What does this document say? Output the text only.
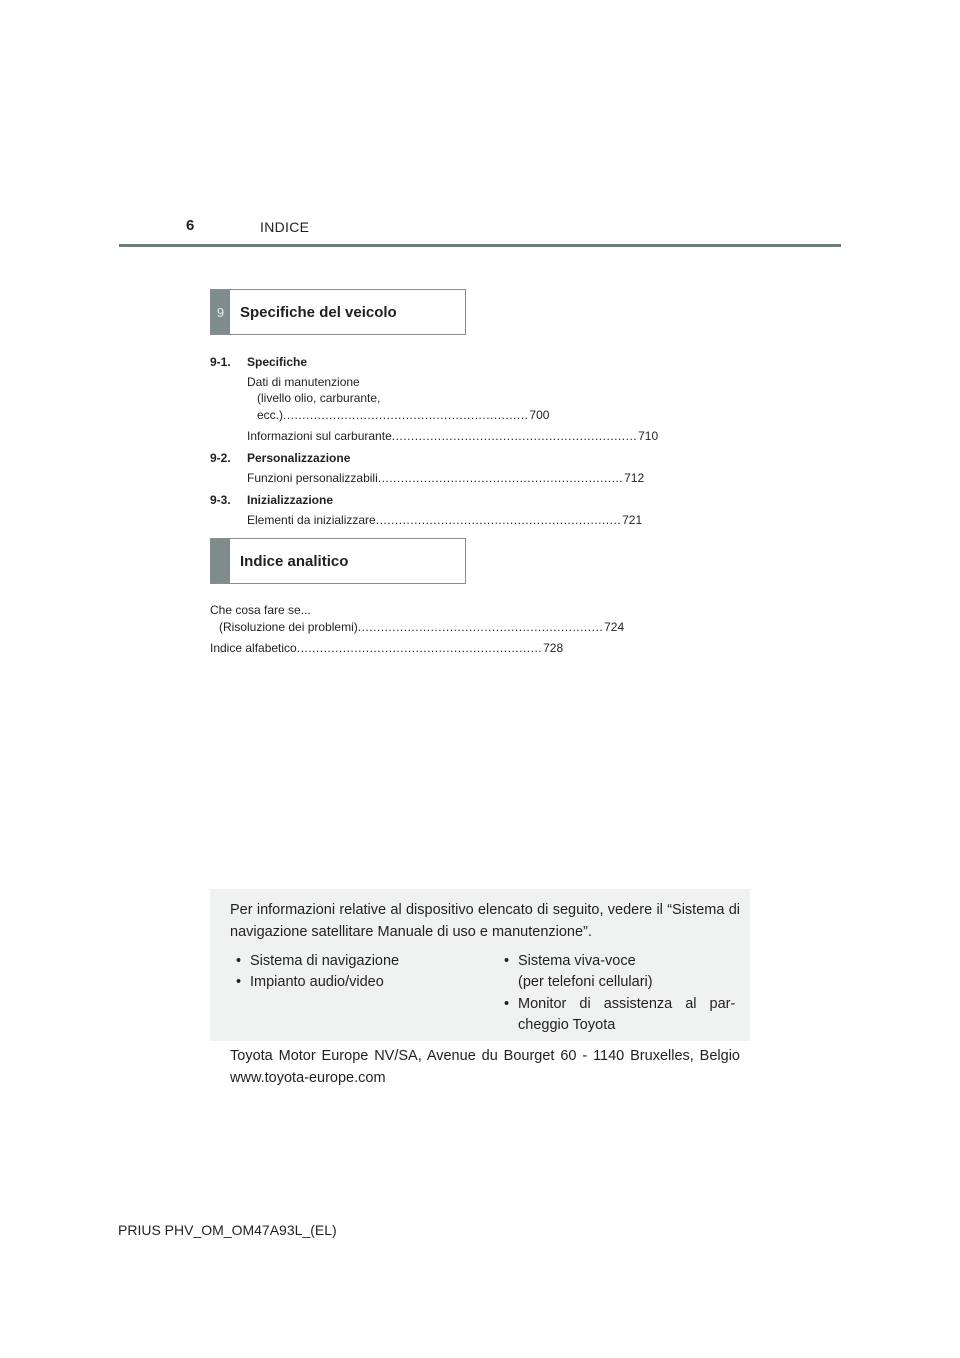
6	INDICE
9	Specifiche del veicolo
9-1. Specifiche
Dati di manutenzione
(livello olio, carburante,
ecc.) ................................................................ 700
Informazioni sul carburante ................................................................ 710
9-2. Personalizzazione
Funzioni personalizzabili ................................................................ 712
9-3. Inizializzazione
Elementi da inizializzare ................................................................ 721
Indice analitico
Che cosa fare se...
(Risoluzione dei problemi) ................................................................ 724
Indice alfabetico ................................................................ 728
Per informazioni relative al dispositivo elencato di seguito, vedere il “Sistema di navigazione satellitare Manuale di uso e manutenzione”.
• Sistema di navigazione
• Impianto audio/video
• Sistema viva-voce
(per telefoni cellulari)
• Monitor di assistenza al par-
cheggio Toyota
Toyota Motor Europe NV/SA, Avenue du Bourget 60 - 1140 Bruxelles, Belgio www.toyota-europe.com
PRIUS PHV_OM_OM47A93L_(EL)
